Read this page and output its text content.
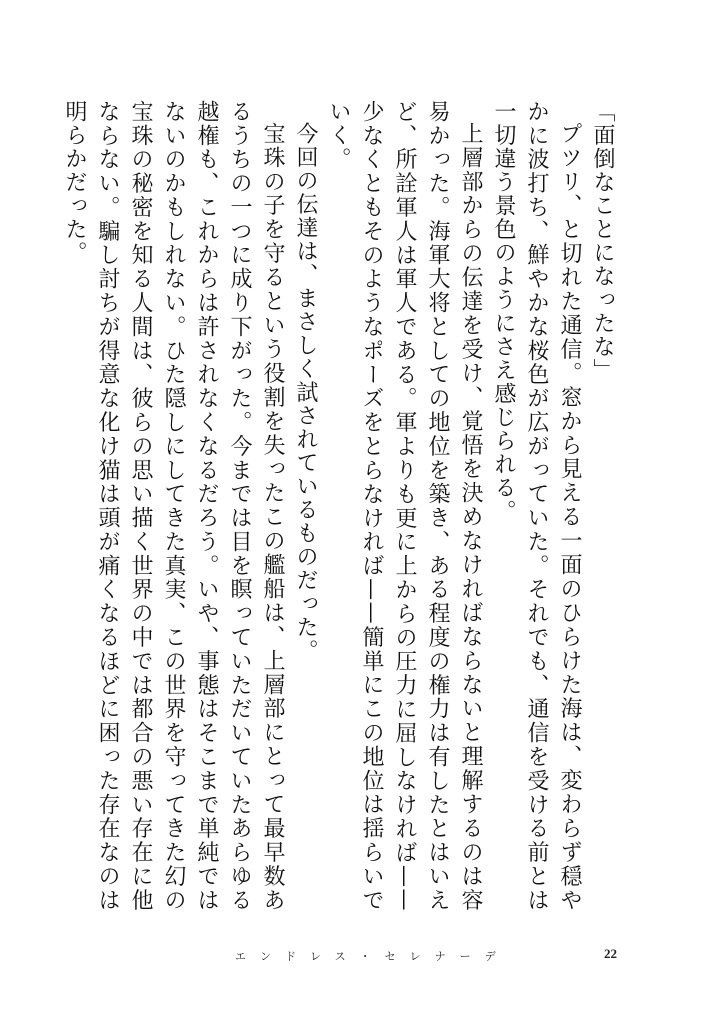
「面倒なことになったな」

プツリ、と切れた通信。窓から見える一面のひらけた海は、変わらず穏やかに波打ち、鮮やかな桜色が広がっていた。それでも、通信を受ける前とは一切違う景色のようにさえ感じられる。

上層部からの伝達を受け、覚悟を決めなければならないと理解するのは容易かった。海軍大将としての地位を築き、ある程度の権力は有したとはいえど、所詮軍人は軍人である。軍よりも更に上からの圧力に屈しなければ——少なくともそのようなポーズをとらなければ——簡単にこの地位は揺らいでいく。

今回の伝達は、まさしく試されているものだった。

宝珠の子を守るという役割を失ったこの艦船は、上層部にとって最早数あるうちの一つに成り下がった。今までは目を瞑っていただいていたあらゆる越権も、これからは許されなくなるだろう。いや、事態はそこまで単純ではないのかもしれない。ひた隠しにしてきた真実、この世界を守ってきた幻の宝珠の秘密を知る人間は、彼らの思い描く世界の中では都合の悪い存在に他ならない。騙し討ちが得意な化け猫は頭が痛くなるほどに困った存在なのは明らかだった。

エンドレス・セレナーデ	22
